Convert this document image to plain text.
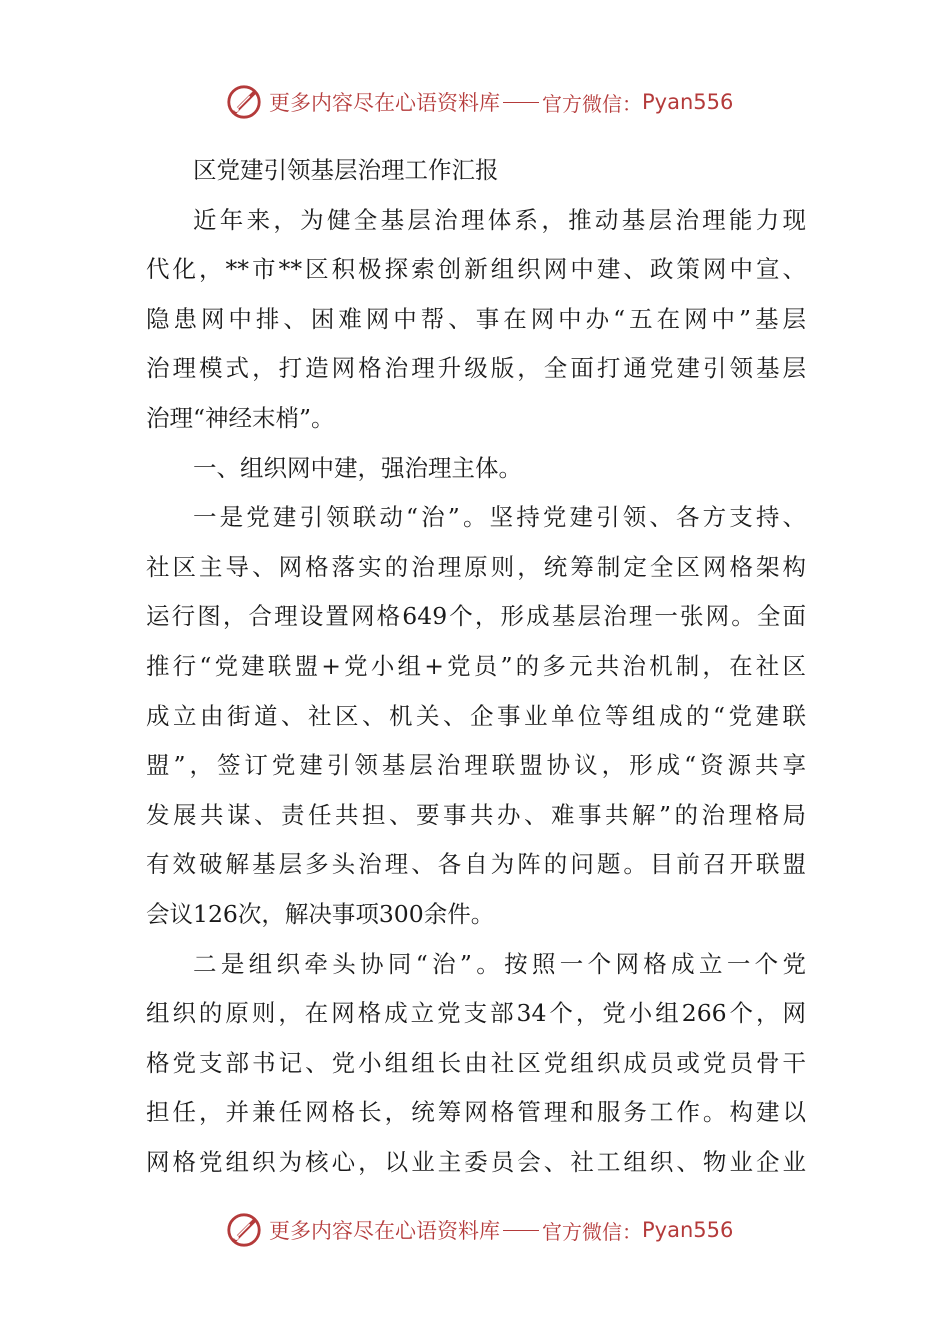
更多内容尽在心语资料库 官方微信： Pyan556
区党建引领基层治理工作汇报
近年来，为健全基层治理体系，推动基层治理能力现
代化，**市**区积极探索创新组织网中建、政策网中宣、
隐患网中排、困难网中帮、事在网中办“五在网中”基层
治理模式，打造网格治理升级版，全面打通党建引领基层
治理“神经末梢”。
一、组织网中建，强治理主体。
一是党建引领联动“治”。坚持党建引领、各方支持、
社区主导、网格落实的治理原则，统筹制定全区网格架构
运行图，合理设置网格649个，形成基层治理一张网。全面
推行“党建联盟+党小组+党员”的多元共治机制，在社区
成立由街道、社区、机关、企事业单位等组成的“党建联
盟”，签订党建引领基层治理联盟协议，形成“资源共享
发展共谋、责任共担、要事共办、难事共解”的治理格局
有效破解基层多头治理、各自为阵的问题。目前召开联盟
会议126次，解决事项300余件。
二是组织牵头协同“治”。按照一个网格成立一个党
组织的原则，在网格成立党支部34个，党小组266个，网
格党支部书记、党小组组长由社区党组织成员或党员骨干
担任，并兼任网格长，统筹网格管理和服务工作。构建以
网格党组织为核心，以业主委员会、社工组织、物业企业
更多内容尽在心语资料库 官方微信： Pyan556
